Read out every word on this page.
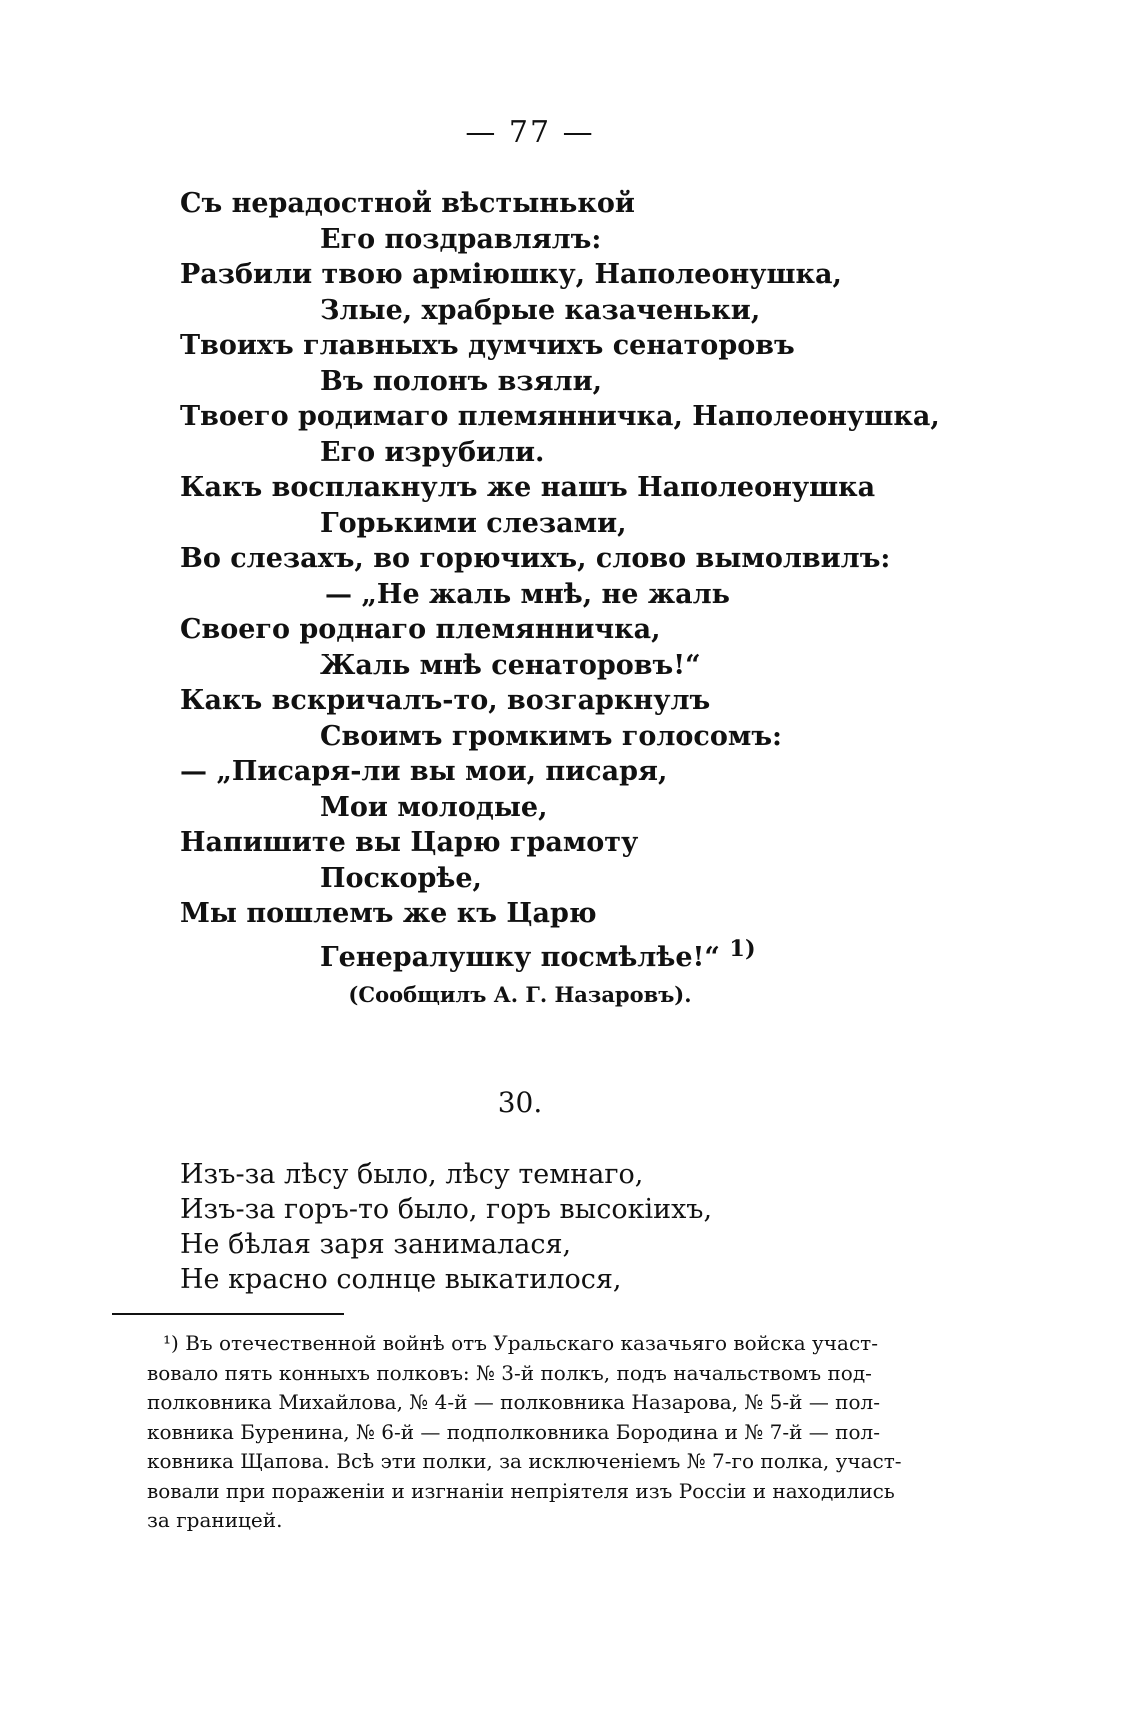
— 77 —
Съ нерадостной вѣстынькой
Его поздравлялъ:
Разбили твою арміюшку, Наполеонушка,
Злые, храбрые казаченьки,
Твоихъ главныхъ думчихъ сенаторовъ
Въ полонъ взяли,
Твоего родимаго племянничка, Наполеонушка,
Его изрубили.
Какъ восплакнулъ же нашъ Наполеонушка
Горькими слезами,
Во слезахъ, во горючихъ, слово вымолвилъ:
— „Не жаль мнѣ, не жаль
Своего роднаго племянничка,
Жаль мнѣ сенаторовъ!“
Какъ вскричалъ-то, возгаркнулъ
Своимъ громкимъ голосомъ:
— „Писаря-ли вы мои, писаря,
Мои молодые,
Напишите вы Царю грамоту
Поскорѣе,
Мы пошлемъ же къ Царю
Генералушку посмѣлѣе!“ $^{1)}$
(Сообщилъ А. Г. Назаровъ).
30.
Изъ-за лѣсу было, лѣсу темнаго,
Изъ-за горъ-то было, горъ высокіихъ,
Не бѣлая заря занималася,
Не красно солнце выкатилося,
¹) Въ отечественной войнѣ отъ Уральскаго казачьяго войска участ-
вовало пять конныхъ полковъ: № 3-й полкъ, подъ начальствомъ под-
полковника Михайлова, № 4-й — полковника Назарова, № 5-й — пол-
ковника Буренина, № 6-й — подполковника Бородина и № 7-й — пол-
ковника Щапова. Всѣ эти полки, за исключеніемъ № 7-го полка, участ-
вовали при пораженіи и изгнаніи непріятеля изъ Россіи и находились
за границей.
